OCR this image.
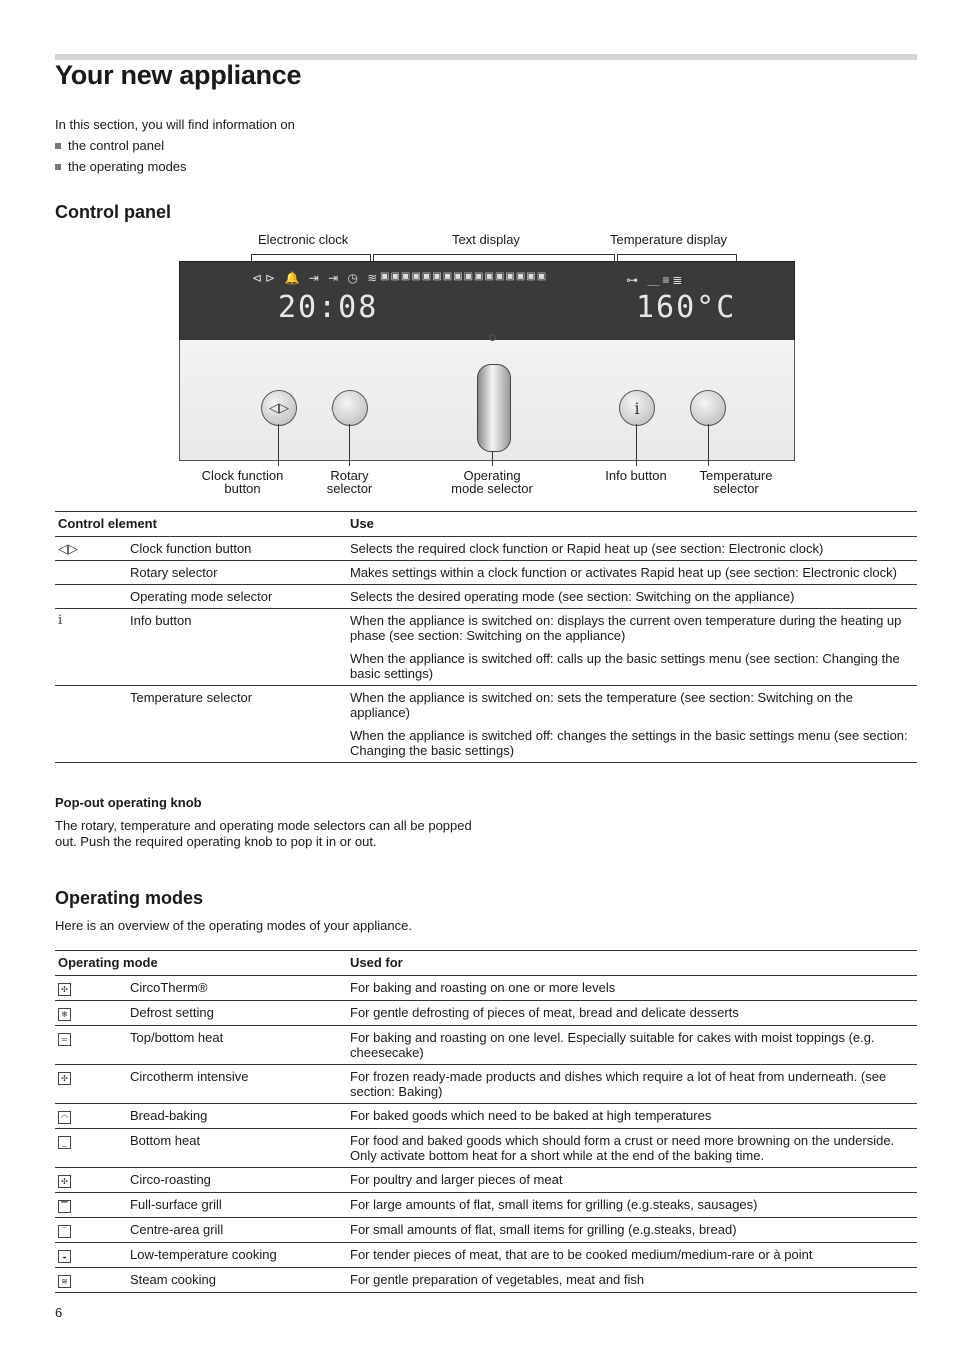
Your new appliance

In this section, you will find information on

the control panel
the operating modes
Control panel
Electronic clock	Text display	Temperature display
⊲⊳ 🔔 ⇥ ⇥ ◷ ≋ ▣▣▣▣▣▣▣▣▣▣▣▣▣▣▣▣	⊶ ＿≡≣
20:08	160°C
◁▷	i
Clock function
button
Rotary
selector
Operating
mode selector
Info button	Temperature
selector
Control element		Use
◁▷	Clock function button	Selects the required clock function or Rapid heat up (see section: Electronic clock)
	Rotary selector	Makes settings within a clock function or activates Rapid heat up (see section: Electronic clock)
	Operating mode selector	Selects the desired operating mode (see section: Switching on the appliance)
i	Info button	When the appliance is switched on: displays the current oven temperature during the heating up phase (see section: Switching on the appliance)
When the appliance is switched off: calls up the basic settings menu (see section: Changing the basic settings)

	Temperature selector	When the appliance is switched on: sets the temperature (see section: Switching on the appliance)
When the appliance is switched off: changes the settings in the basic settings menu (see section: Changing the basic settings)
Pop-out operating knob

The rotary, temperature and operating mode selectors can all be popped out. Push the required operating knob to pop it in or out.

Operating modes

Here is an overview of the operating modes of your appliance.

Operating mode		Used for
✣	CircoTherm®	For baking and roasting on one or more levels
❄	Defrost setting	For gentle defrosting of pieces of meat, bread and delicate desserts
═	Top/bottom heat	For baking and roasting on one level. Especially suitable for cakes with moist toppings (e.g. cheesecake)
✣	Circotherm intensive	For frozen ready-made products and dishes which require a lot of heat from underneath. (see section: Baking)
◠	Bread-baking	For baked goods which need to be baked at high temperatures
_	Bottom heat	For food and baked goods which should form a crust or need more browning on the underside. Only activate bottom heat for a short while at the end of the baking time.
✣	Circo-roasting	For poultry and larger pieces of meat
▔	Full-surface grill	For large amounts of flat, small items for grilling (e.g.steaks, sausages)
¯	Centre-area grill	For small amounts of flat, small items for grilling (e.g.steaks, bread)
◒	Low-temperature cooking	For tender pieces of meat, that are to be cooked medium/medium-rare or à point
≋	Steam cooking	For gentle preparation of vegetables, meat and fish
6
